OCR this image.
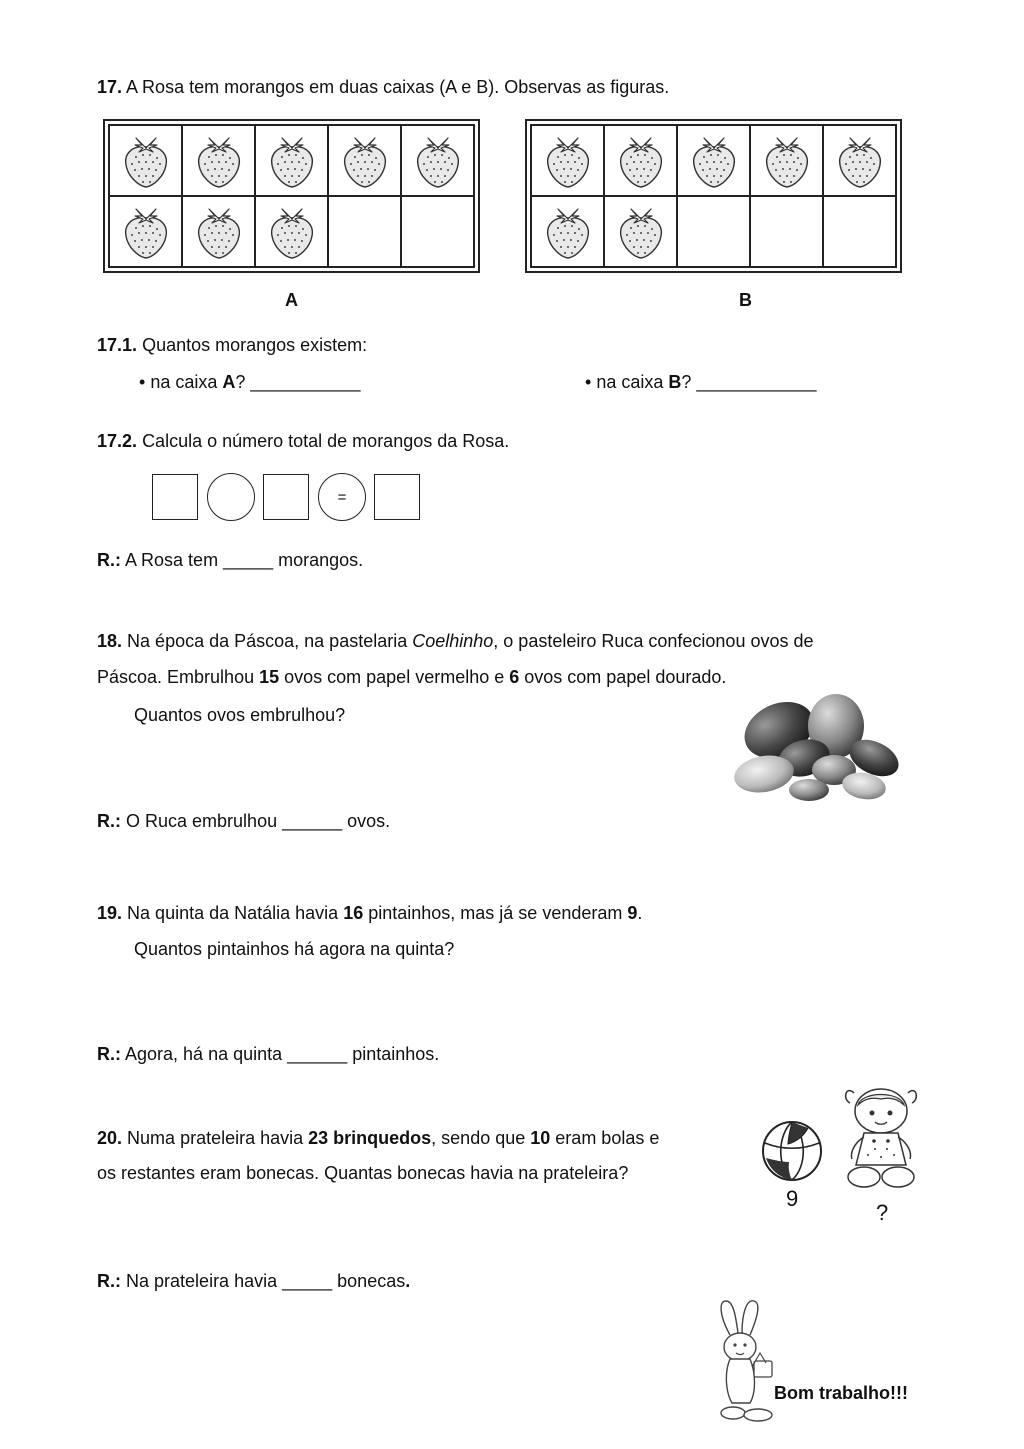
17. A Rosa tem morangos em duas caixas (A e B). Observas as figuras.
A	B
17.1. Quantos morangos existem:
• na caixa A? ___________	• na caixa B? ____________
17.2. Calcula o número total de morangos da Rosa.
=
R.: A Rosa tem _____ morangos.
18. Na época da Páscoa, na pastelaria Coelhinho, o pasteleiro Ruca confecionou ovos de
Páscoa. Embrulhou 15 ovos com papel vermelho e 6 ovos com papel dourado.
Quantos ovos embrulhou?
R.: O Ruca embrulhou ______ ovos.
19. Na quinta da Natália havia 16 pintainhos, mas já se venderam 9.
Quantos pintainhos há agora na quinta?
R.: Agora, há na quinta ______ pintainhos.
20. Numa prateleira havia 23 brinquedos, sendo que 10 eram bolas e
os restantes eram bonecas. Quantas bonecas havia na prateleira?
9
?
R.: Na prateleira havia _____ bonecas.
Bom trabalho!!!
